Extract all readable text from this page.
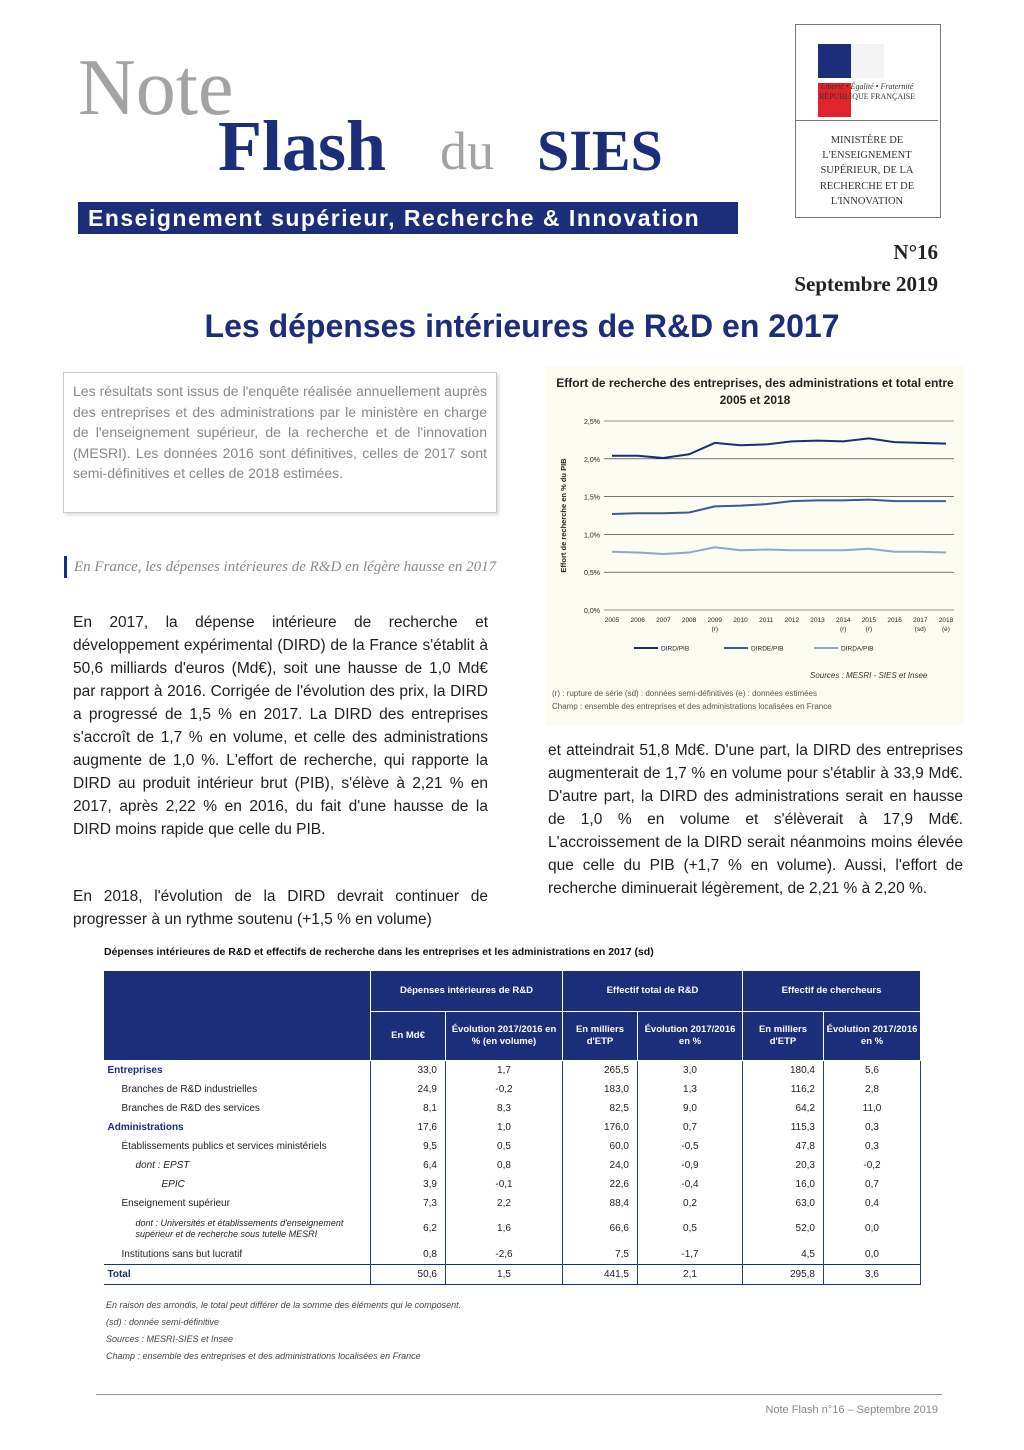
Note
Flash du SIES
Enseignement supérieur, Recherche & Innovation
Liberté • Égalité • Fraternité
RÉPUBLIQUE FRANÇAISE
MINISTÈRE DE L'ENSEIGNEMENT SUPÉRIEUR, DE LA RECHERCHE ET DE L'INNOVATION
N°16
Septembre 2019
Les dépenses intérieures de R&D en 2017
Les résultats sont issus de l'enquête réalisée annuellement auprès des entreprises et des administrations par le ministère en charge de l'enseignement supérieur, de la recherche et de l'innovation (MESRI). Les données 2016 sont définitives, celles de 2017 sont semi-définitives et celles de 2018 estimées.
En France, les dépenses intérieures de R&D en légère hausse en 2017
En 2017, la dépense intérieure de recherche et développement expérimental (DIRD) de la France s'établit à 50,6 milliards d'euros (Md€), soit une hausse de 1,0 Md€ par rapport à 2016. Corrigée de l'évolution des prix, la DIRD a progressé de 1,5 % en 2017. La DIRD des entreprises s'accroît de 1,7 % en volume, et celle des administrations augmente de 1,0 %. L'effort de recherche, qui rapporte la DIRD au produit intérieur brut (PIB), s'élève à 2,21 % en 2017, après 2,22 % en 2016, du fait d'une hausse de la DIRD moins rapide que celle du PIB.
En 2018, l'évolution de la DIRD devrait continuer de progresser à un rythme soutenu (+1,5 % en volume)
et atteindrait 51,8 Md€. D'une part, la DIRD des entreprises augmenterait de 1,7 % en volume pour s'établir à 33,9 Md€. D'autre part, la DIRD des administrations serait en hausse de 1,0 % en volume et s'élèverait à 17,9 Md€. L'accroissement de la DIRD serait néanmoins moins élevée que celle du PIB (+1,7 % en volume). Aussi, l'effort de recherche diminuerait légèrement, de 2,21 % à 2,20 %.
Effort de recherche des entreprises, des administrations et total entre 2005 et 2018
0,0%
0,5%
1,0%
1,5%
2,0%
2,5%
Effort de recherche en % du PIB
2005 2006 2007 2008 2009
(r)
2010 2011 2012 2013 2014
(r)
2015
(r)
2016 2017
(sd)
2018
(e)
DIRD/PIB	DIRDE/PIB	DIRDA/PIB
Sources : MESRI - SIES et Insee
(r) : rupture de série (sd) : données semi-définitives (e) : données estimées
Champ : ensemble des entreprises et des administrations localisées en France
Dépenses intérieures de R&D et effectifs de recherche dans les entreprises et les administrations en 2017 (sd)
	Dépenses intérieures de R&D		Effectif total de R&D		Effectif de chercheurs	
	En Md€	Évolution 2017/2016 en % (en volume)	En milliers d'ETP	Évolution 2017/2016 en %	En milliers d'ETP	Évolution 2017/2016 en %
Entreprises	33,0	1,7	265,5	3,0	180,4	5,6
Branches de R&D industrielles	24,9	-0,2	183,0	1,3	116,2	2,8
Branches de R&D des services	8,1	8,3	82,5	9,0	64,2	11,0
Administrations	17,6	1,0	176,0	0,7	115,3	0,3
Établissements publics et services ministériels	9,5	0,5	60,0	-0,5	47,8	0,3
dont : EPST	6,4	0,8	24,0	-0,9	20,3	-0,2
EPIC	3,9	-0,1	22,6	-0,4	16,0	0,7
Enseignement supérieur	7,3	2,2	88,4	0,2	63,0	0,4
dont : Universités et établissements d'enseignement supérieur et de recherche sous tutelle MESRI	6,2	1,6	66,6	0,5	52,0	0,0
Institutions sans but lucratif	0,8	-2,6	7,5	-1,7	4,5	0,0
Total	50,6	1,5	441,5	2,1	295,8	3,6
En raison des arrondis, le total peut différer de la somme des éléments qui le composent.
(sd) : donnée semi-définitive
Sources : MESRI-SIES et Insee
Champ : ensemble des entreprises et des administrations localisées en France
Note Flash n°16 – Septembre 2019
